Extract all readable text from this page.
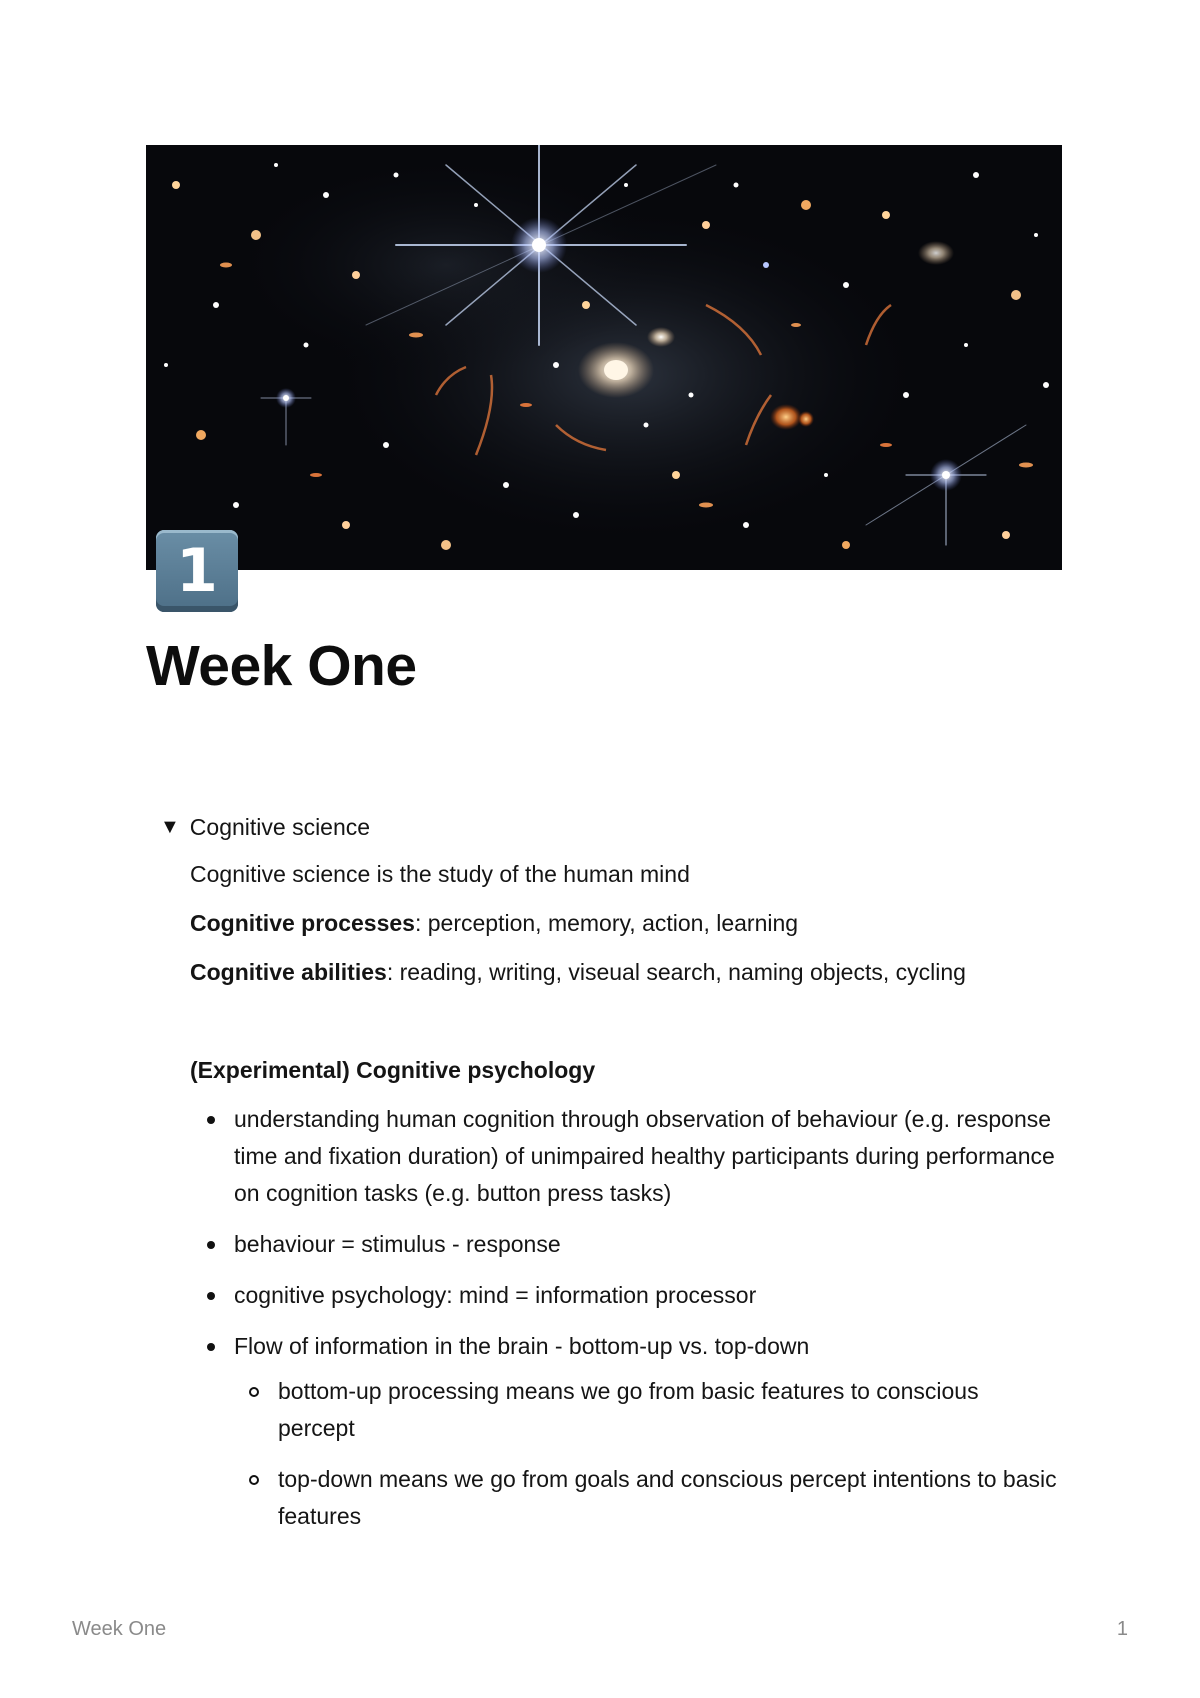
1
Week One
▼ Cognitive science

Cognitive science is the study of the human mind

Cognitive processes: perception, memory, action, learning

Cognitive abilities: reading, writing, viseual search, naming objects, cycling

(Experimental) Cognitive psychology

understanding human cognition through observation of behaviour (e.g. response time and fixation duration) of unimpaired healthy participants during performance on cognition tasks (e.g. button press tasks)
behaviour = stimulus - response
cognitive psychology: mind = information processor
Flow of information in the brain - bottom-up vs. top-down
bottom-up processing means we go from basic features to conscious percept
top-down means we go from goals and conscious percept intentions to basic features
Week One	1
